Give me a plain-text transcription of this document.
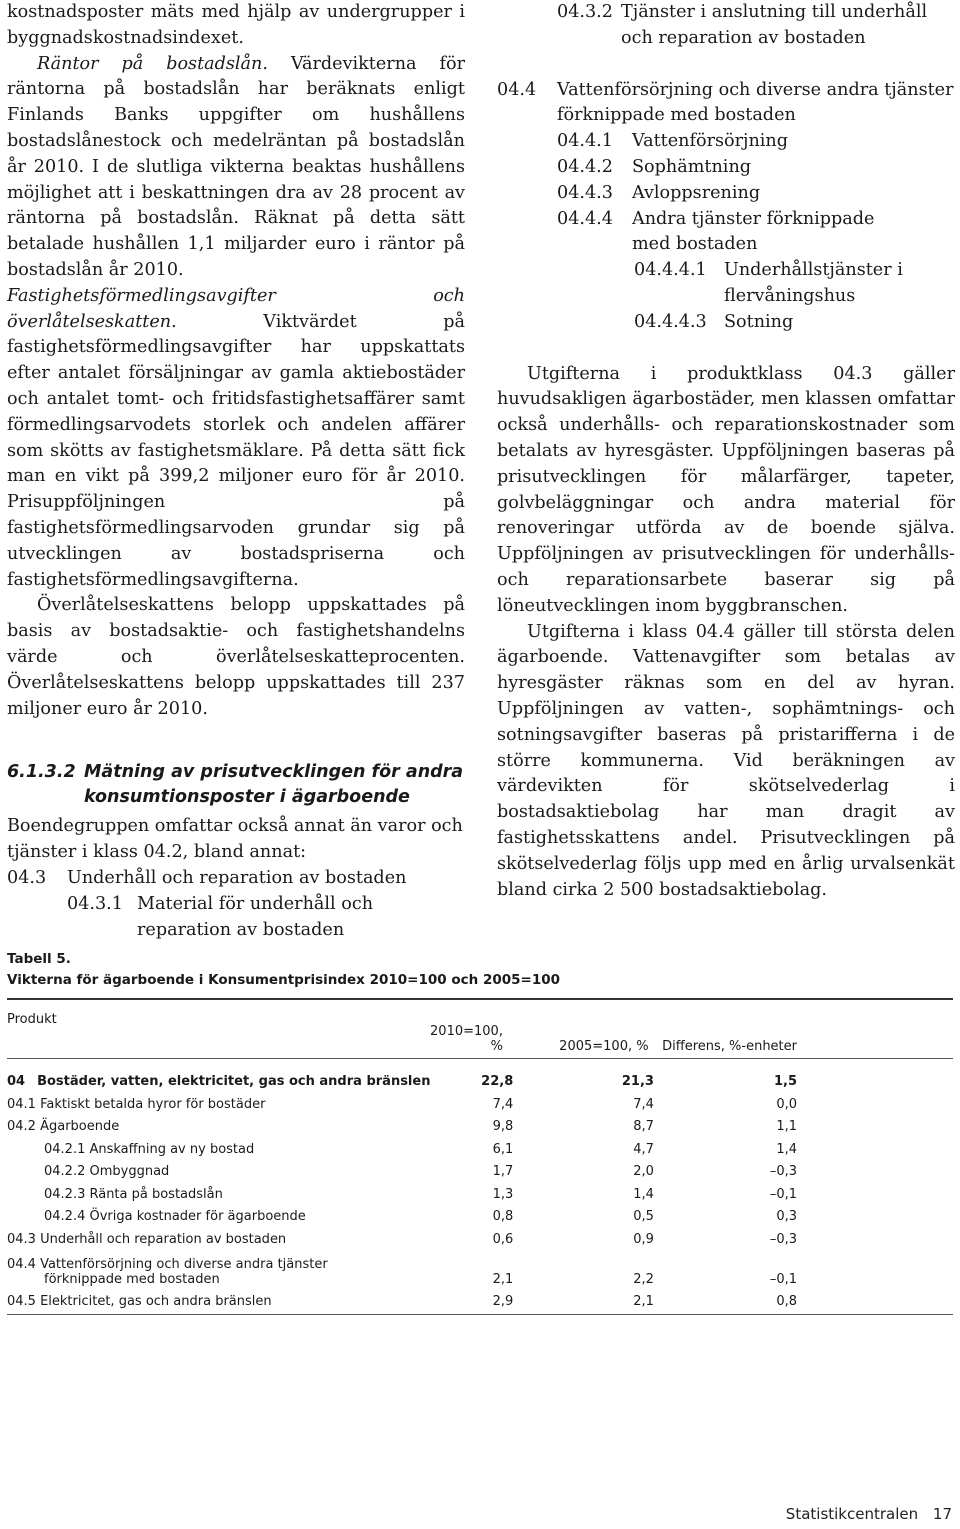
kostnadsposter mäts med hjälp av undergrupper i byggnadskostnadsindexet.

Räntor på bostadslån. Värdevikterna för räntorna på bostadslån har beräknats enligt Finlands Banks uppgifter om hushållens bostadslånestock och medelräntan på bostadslån år 2010. I de slutliga vikterna beaktas hushållens möjlighet att i beskattningen dra av 28 procent av räntorna på bostadslån. Räknat på detta sätt betalade hushållen 1,1 miljarder euro i räntor på bostadslån år 2010.

Fastighetsförmedlingsavgifter och överlåtelseskatten. Viktvärdet på fastighetsförmedlingsavgifter har uppskattats efter antalet försäljningar av gamla aktiebostäder och antalet tomt- och fritidsfastighetsaffärer samt förmedlingsarvodets storlek och andelen affärer som skötts av fastighetsmäklare. På detta sätt fick man en vikt på 399,2 miljoner euro för år 2010. Prisuppföljningen på fastighetsförmedlingsarvoden grundar sig på utvecklingen av bostadspriserna och fastighetsförmedlingsavgifterna.

Överlåtelseskattens belopp uppskattades på basis av bostadsaktie- och fastighetshandelns värde och överlåtelseskatteprocenten. Överlåtelseskattens belopp uppskattades till 237 miljoner euro år 2010.

6.1.3.2 Mätning av prisutvecklingen för andra konsumtionsposter i ägarboende

Boendegruppen omfattar också annat än varor och tjänster i klass 04.2, bland annat:

04.3	Underhåll och reparation av bostaden
04.3.1 Material för underhåll och reparation av bostaden
04.3.2 Tjänster i anslutning till underhåll och reparation av bostaden
04.4	Vattenförsörjning och diverse andra tjänster förknippade med bostaden
04.4.1	Vattenförsörjning
04.4.2	Sophämtning
04.4.3	Avloppsrening
04.4.4	Andra tjänster förknippade med bostaden
04.4.4.1 Underhållstjänster i flervåningshus
04.4.4.3 Sotning

Utgifterna i produktklass 04.3 gäller huvudsakligen ägarbostäder, men klassen omfattar också underhålls- och reparationskostnader som betalats av hyresgäster. Uppföljningen baseras på prisutvecklingen för målarfärger, tapeter, golvbeläggningar och andra material för renoveringar utförda av de boende själva. Uppföljningen av prisutvecklingen för underhålls- och reparationsarbete baserar sig på löneutvecklingen inom byggbranschen.

Utgifterna i klass 04.4 gäller till största delen ägarboende. Vattenavgifter som betalas av hyresgäster räknas som en del av hyran. Uppföljningen av vatten-, sophämtnings- och sotningsavgifter baseras på pristarifferna i de större kommunerna. Vid beräkningen av värdevikten för skötselvederlag i bostadsaktiebolag har man dragit av fastighetsskattens andel. Prisutvecklingen på skötselvederlag följs upp med en årlig urvalsenkät bland cirka 2 500 bostadsaktiebolag.

Tabell 5.
Vikterna för ägarboende i Konsumentprisindex 2010=100 och 2005=100
Produkt	2010=100, %	2005=100, %	Differens, %-enheter
04 Bostäder, vatten, elektricitet, gas och andra bränslen	22,8	21,3	1,5
04.1 Faktiskt betalda hyror för bostäder	7,4	7,4	0,0
04.2 Ägarboende	9,8	8,7	1,1
04.2.1 Anskaffning av ny bostad	6,1	4,7	1,4
04.2.2 Ombyggnad	1,7	2,0	–0,3
04.2.3 Ränta på bostadslån	1,3	1,4	–0,1
04.2.4 Övriga kostnader för ägarboende	0,8	0,5	0,3
04.3 Underhåll och reparation av bostaden	0,6	0,9	–0,3

04.4 Vattenförsörjning och diverse andra tjänster
förknippade med bostaden	2,1	2,2	–0,1
04.5 Elektricitet, gas och andra bränslen	2,9	2,1	0,8
Statistikcentralen 17
